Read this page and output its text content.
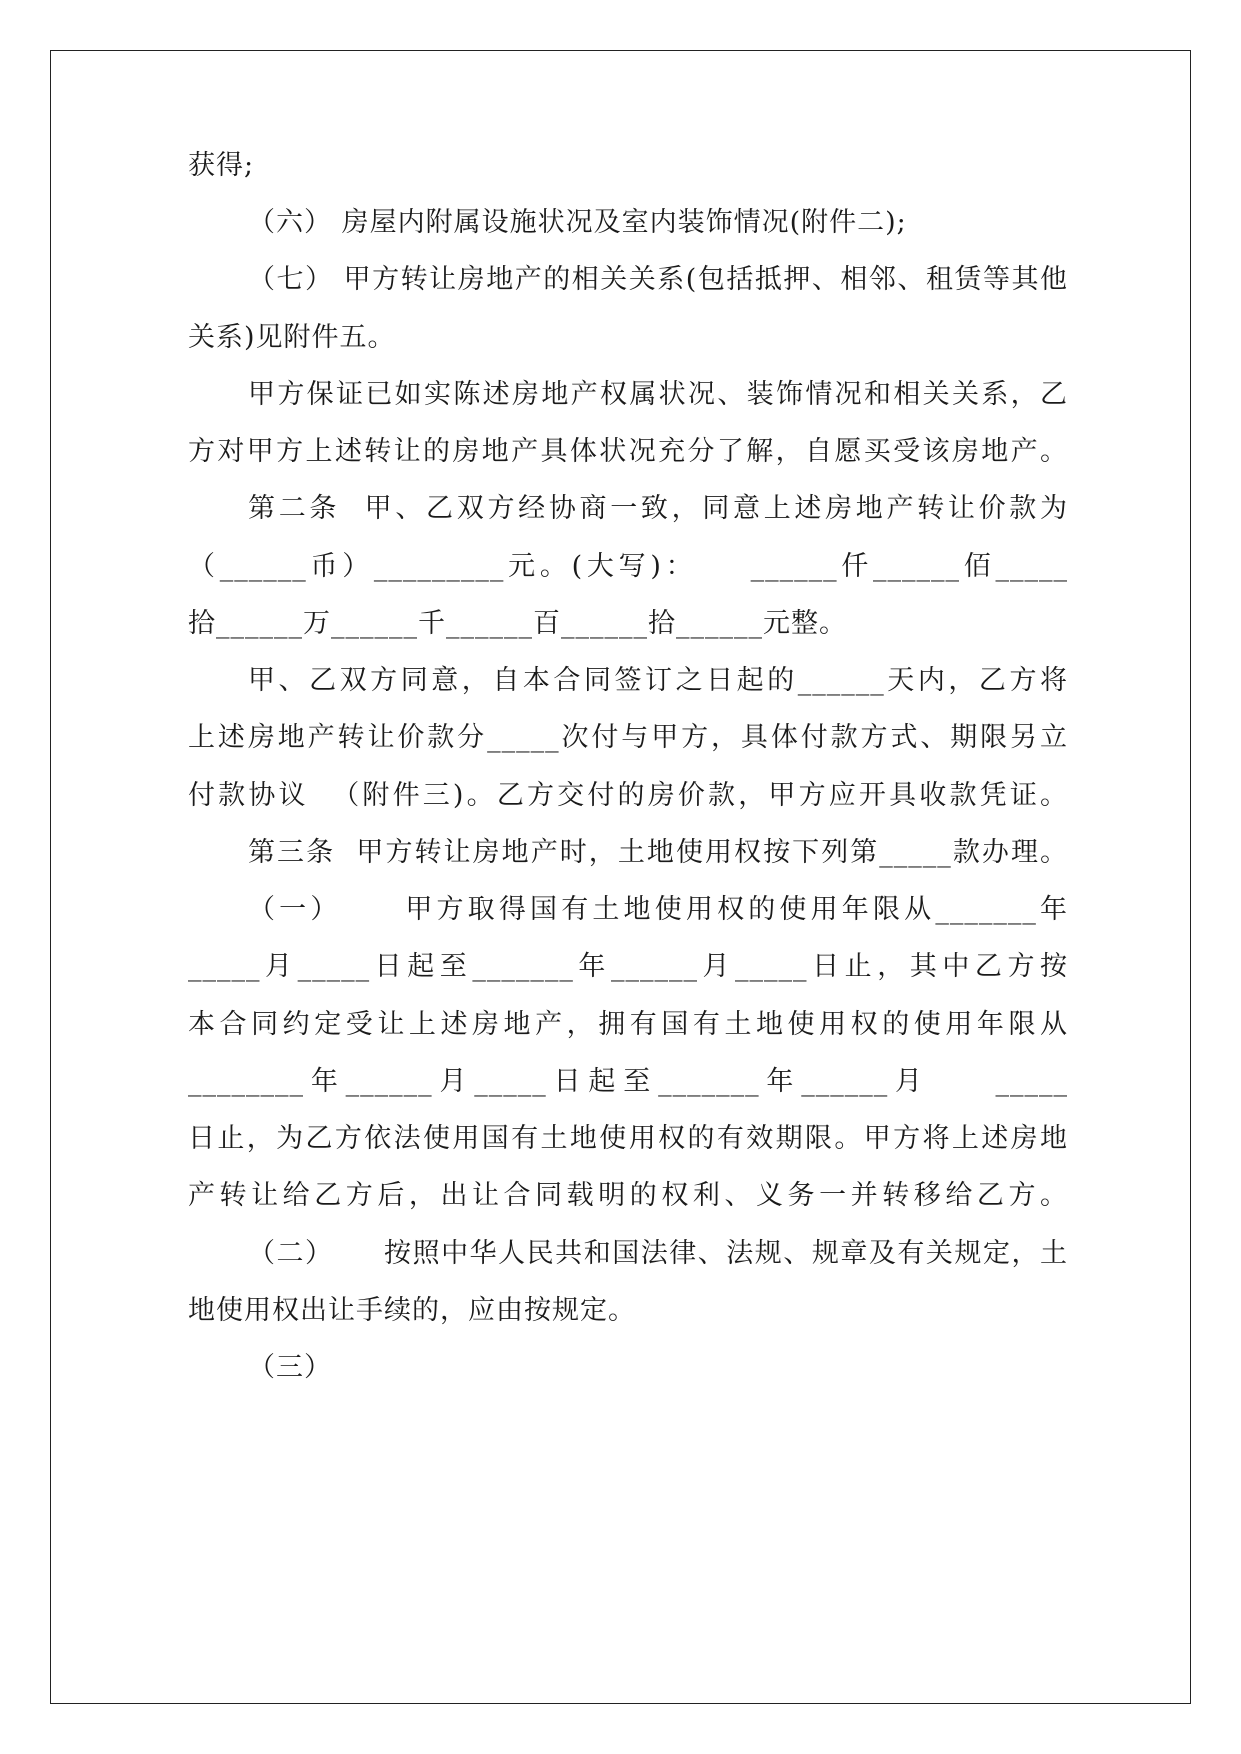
获得;
（六） 房屋内附属设施状况及室内装饰情况(附件二);
（七） 甲方转让房地产的相关关系(包括抵押、相邻、租赁等其他
关系)见附件五。
甲方保证已如实陈述房地产权属状况、装饰情况和相关关系，乙
方对甲方上述转让的房地产具体状况充分了解，自愿买受该房地产。
第二条  甲、乙双方经协商一致，同意上述房地产转让价款为
（______币）_________元。(大写)：    ______仟______佰_____
拾______万______千______百______拾______元整。
甲、乙双方同意，自本合同签订之日起的______天内，乙方将
上述房地产转让价款分_____次付与甲方，具体付款方式、期限另立
付款协议  （附件三)。乙方交付的房价款，甲方应开具收款凭证。
第三条  甲方转让房地产时，土地使用权按下列第_____款办理。
（一）     甲方取得国有土地使用权的使用年限从_______年
_____月_____日起至_______年______月_____日止，其中乙方按
本合同约定受让上述房地产，拥有国有土地使用权的使用年限从
________年______月_____日起至_______年______月    _____
日止，为乙方依法使用国有土地使用权的有效期限。甲方将上述房地
产转让给乙方后，出让合同载明的权利、义务一并转移给乙方。
（二）     按照中华人民共和国法律、法规、规章及有关规定，土
地使用权出让手续的，应由按规定。
（三）
